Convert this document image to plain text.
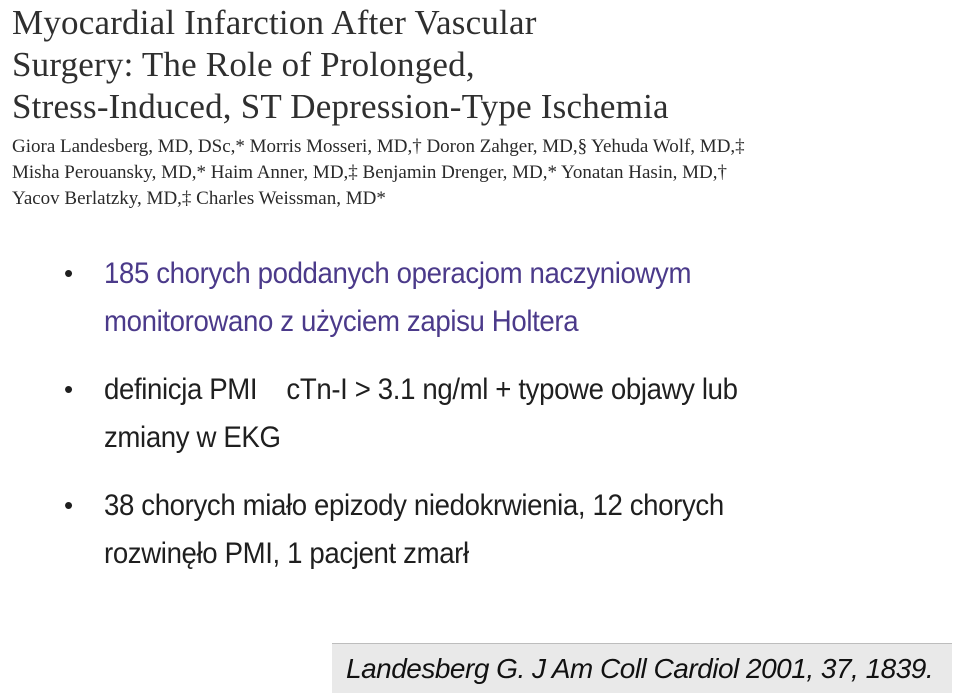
Myocardial Infarction After Vascular
Surgery: The Role of Prolonged,
Stress-Induced, ST Depression-Type Ischemia
Giora Landesberg, MD, DSc,* Morris Mosseri, MD,† Doron Zahger, MD,§ Yehuda Wolf, MD,‡
Misha Perouansky, MD,* Haim Anner, MD,‡ Benjamin Drenger, MD,* Yonatan Hasin, MD,†
Yacov Berlatzky, MD,‡ Charles Weissman, MD*
• 185 chorych poddanych operacjom naczyniowym
monitorowano z użyciem zapisu Holtera
• definicja PMI    cTn-I > 3.1 ng/ml + typowe objawy lub
zmiany w EKG
• 38 chorych miało epizody niedokrwienia, 12 chorych
rozwinęło PMI, 1 pacjent zmarł
Landesberg G. J Am Coll Cardiol 2001, 37, 1839.
